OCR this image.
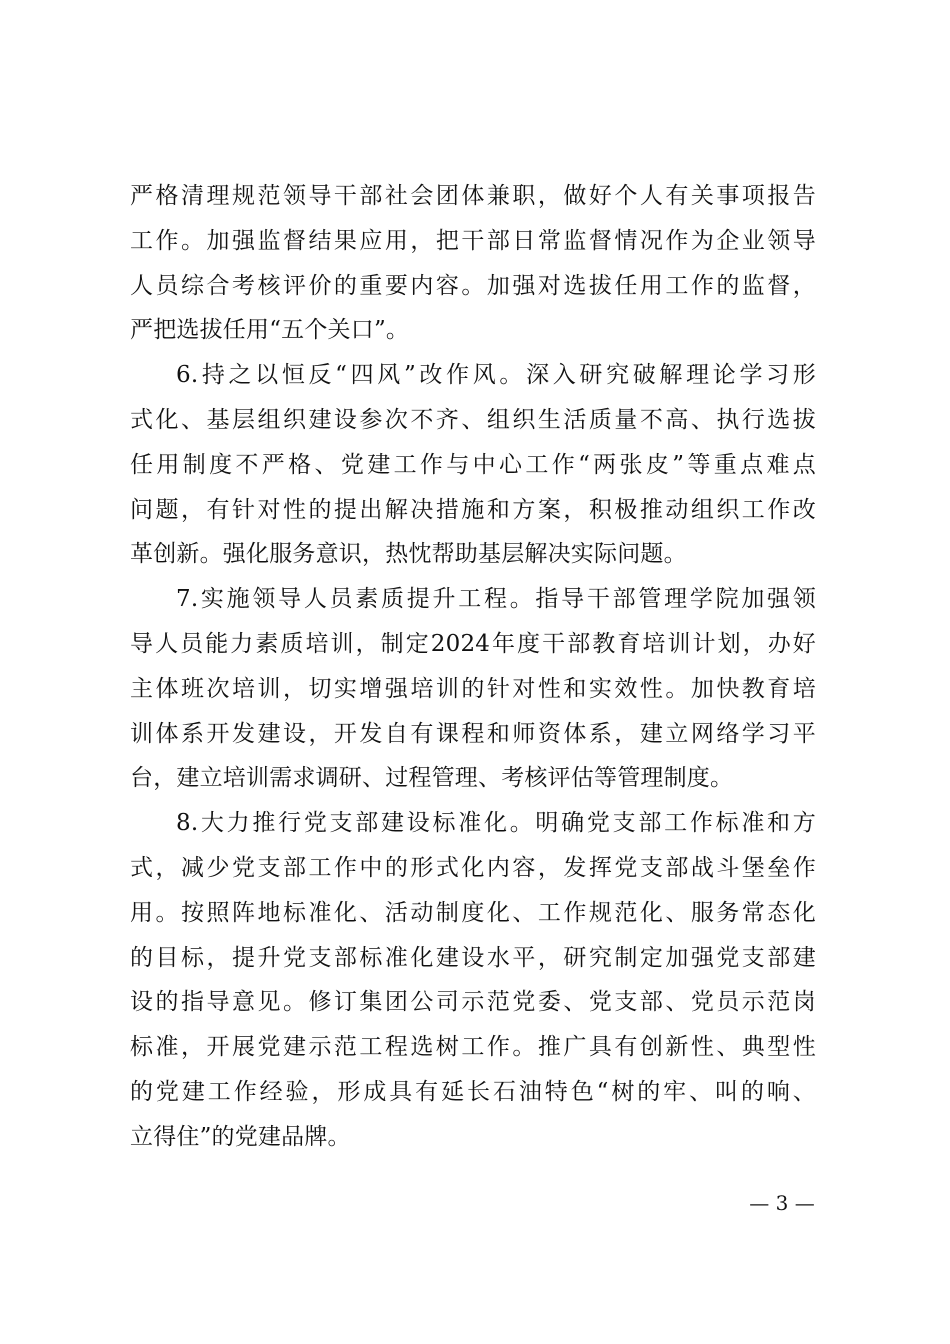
严格清理规范领导干部社会团体兼职，做好个人有关事项报告
工作。加强监督结果应用，把干部日常监督情况作为企业领导
人员综合考核评价的重要内容。加强对选拔任用工作的监督，
严把选拔任用“五个关口”。
6.持之以恒反“四风”改作风。深入研究破解理论学习形
式化、基层组织建设参次不齐、组织生活质量不高、执行选拔
任用制度不严格、党建工作与中心工作“两张皮”等重点难点
问题，有针对性的提出解决措施和方案，积极推动组织工作改
革创新。强化服务意识，热忱帮助基层解决实际问题。
7.实施领导人员素质提升工程。指导干部管理学院加强领
导人员能力素质培训，制定2024年度干部教育培训计划，办好
主体班次培训，切实增强培训的针对性和实效性。加快教育培
训体系开发建设，开发自有课程和师资体系，建立网络学习平
台，建立培训需求调研、过程管理、考核评估等管理制度。
8.大力推行党支部建设标准化。明确党支部工作标准和方
式，减少党支部工作中的形式化内容，发挥党支部战斗堡垒作
用。按照阵地标准化、活动制度化、工作规范化、服务常态化
的目标，提升党支部标准化建设水平，研究制定加强党支部建
设的指导意见。修订集团公司示范党委、党支部、党员示范岗
标准，开展党建示范工程选树工作。推广具有创新性、典型性
的党建工作经验，形成具有延长石油特色“树的牢、叫的响、
立得住”的党建品牌。
— 3 —
